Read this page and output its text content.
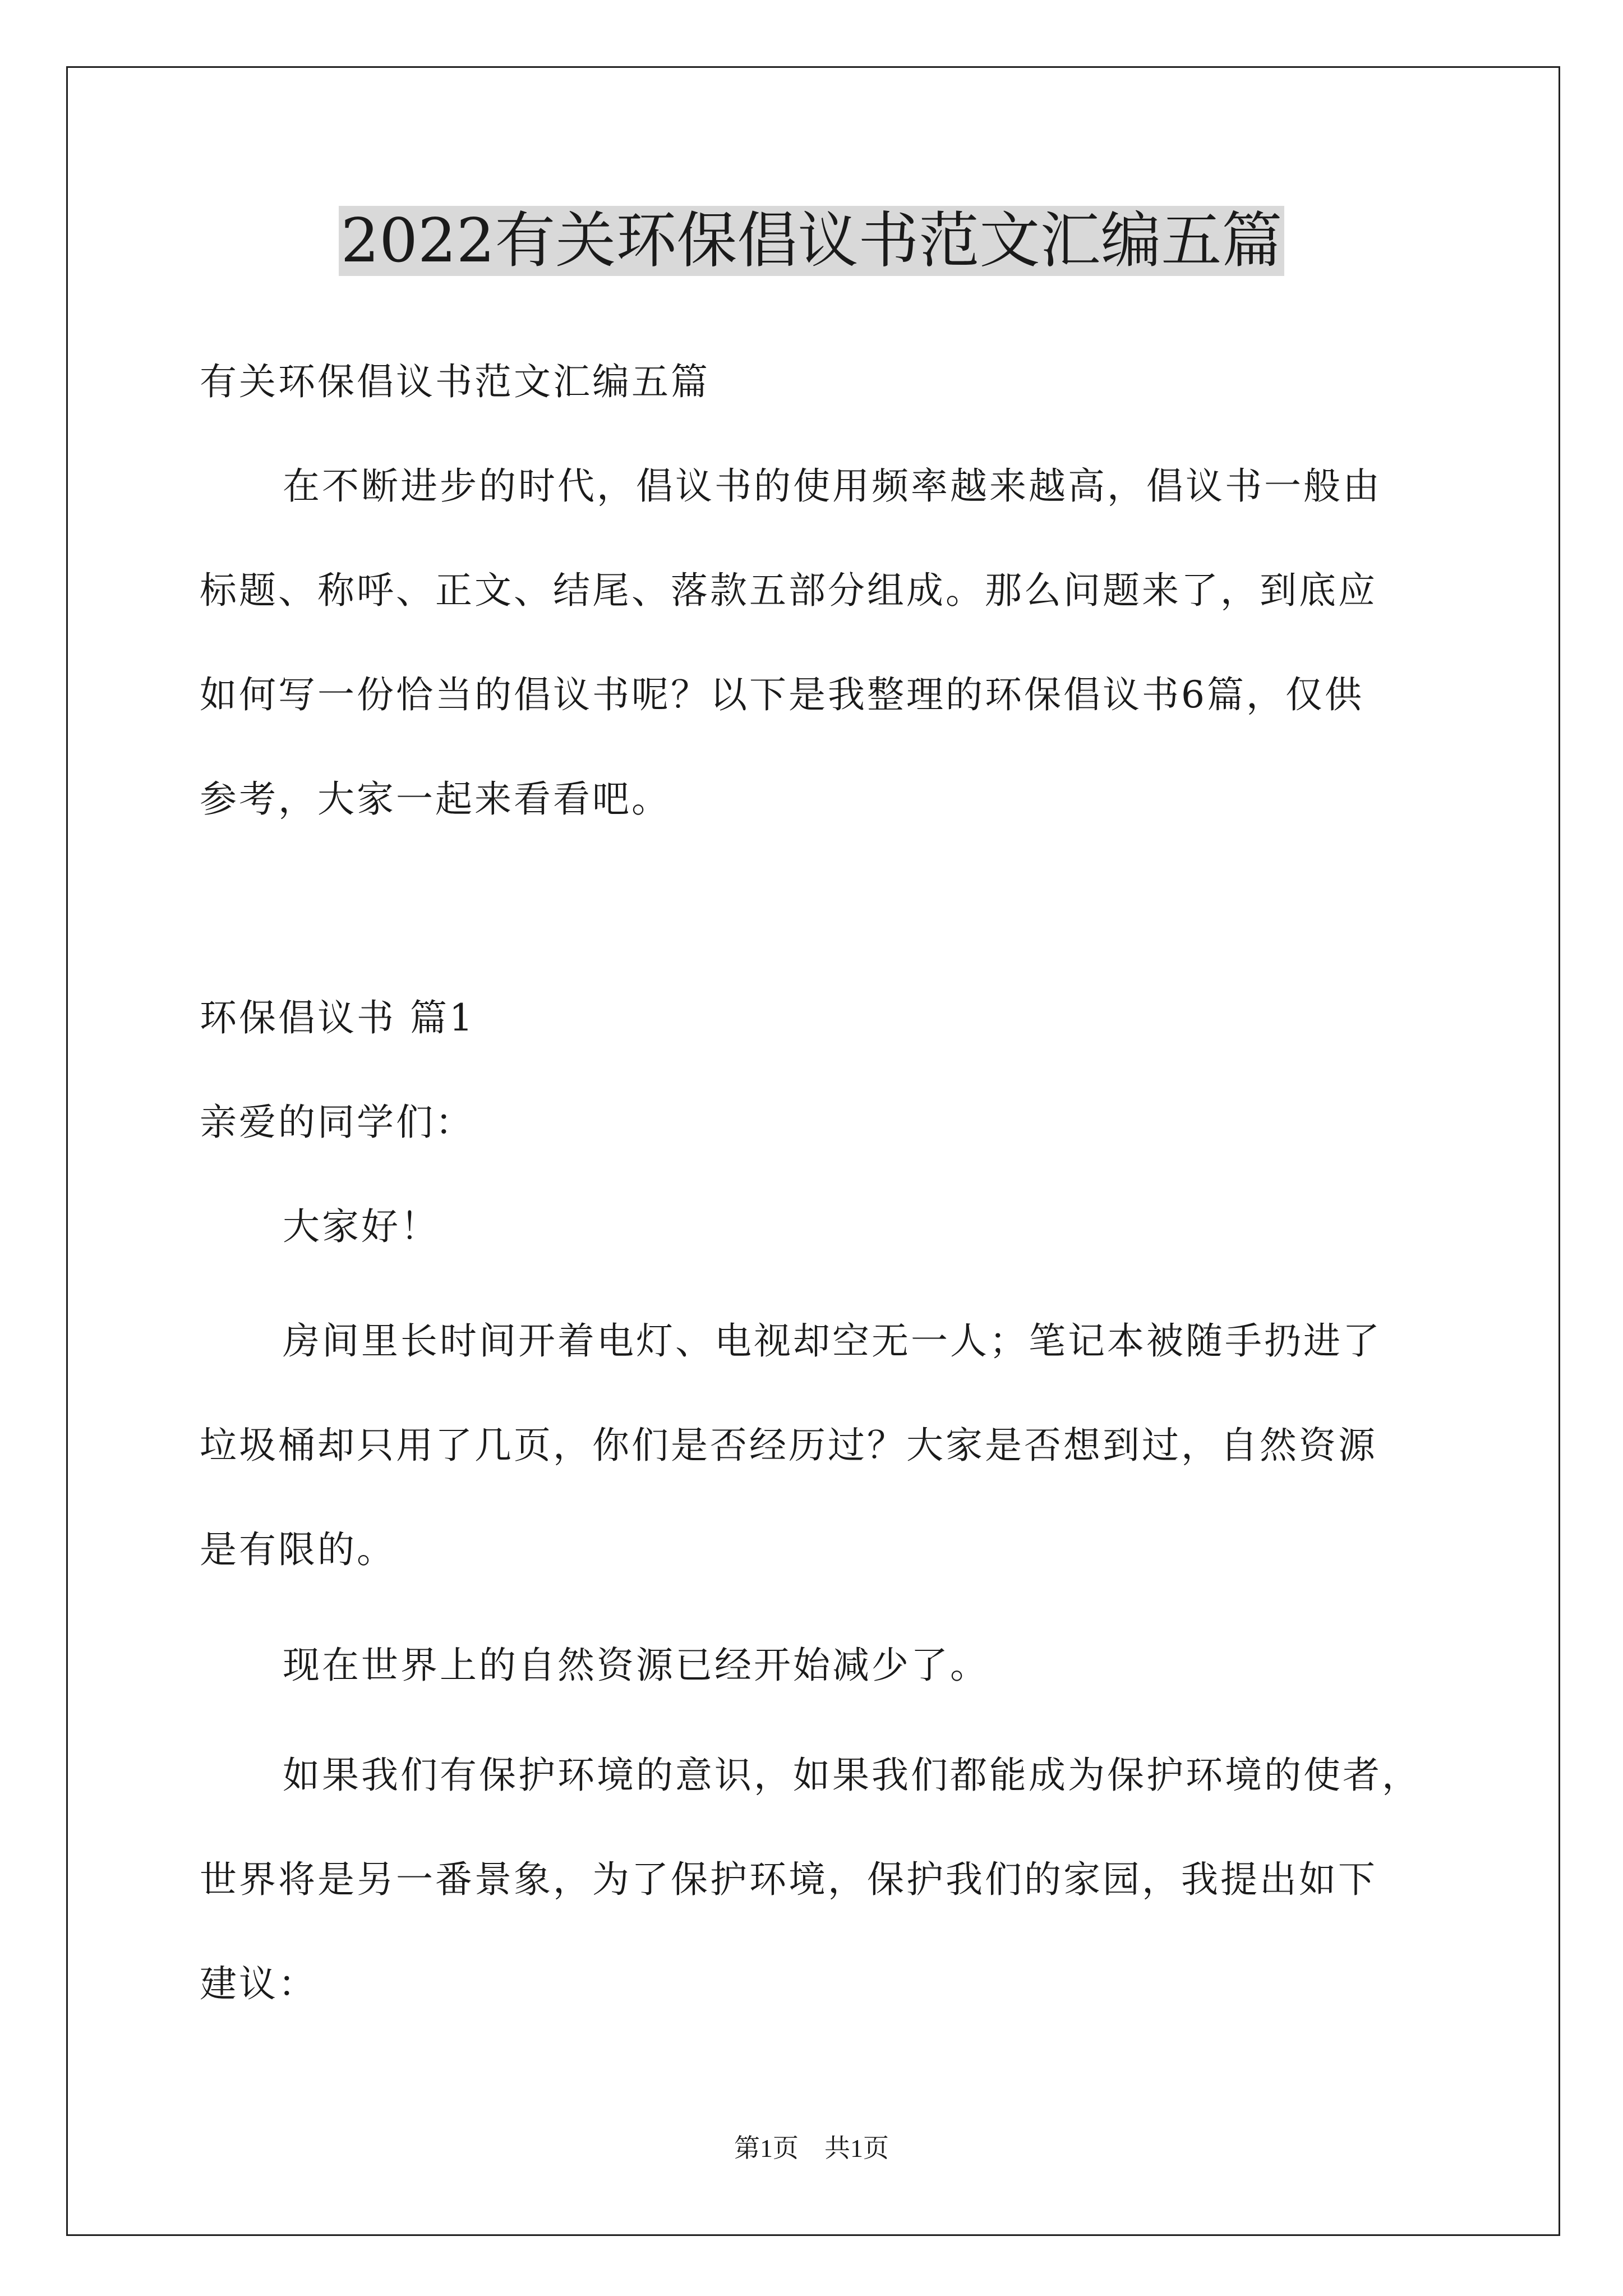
2022有关环保倡议书范文汇编五篇
有关环保倡议书范文汇编五篇
在不断进步的时代，倡议书的使用频率越来越高，倡议书一般由
标题、称呼、正文、结尾、落款五部分组成。那么问题来了，到底应
如何写一份恰当的倡议书呢？以下是我整理的环保倡议书6篇，仅供
参考，大家一起来看看吧。
环保倡议书 篇1
亲爱的同学们：
大家好！
房间里长时间开着电灯、电视却空无一人；笔记本被随手扔进了
垃圾桶却只用了几页，你们是否经历过？大家是否想到过，自然资源
是有限的。
现在世界上的自然资源已经开始减少了。
如果我们有保护环境的意识，如果我们都能成为保护环境的使者，
世界将是另一番景象，为了保护环境，保护我们的家园，我提出如下
建议：
第1页　共1页
